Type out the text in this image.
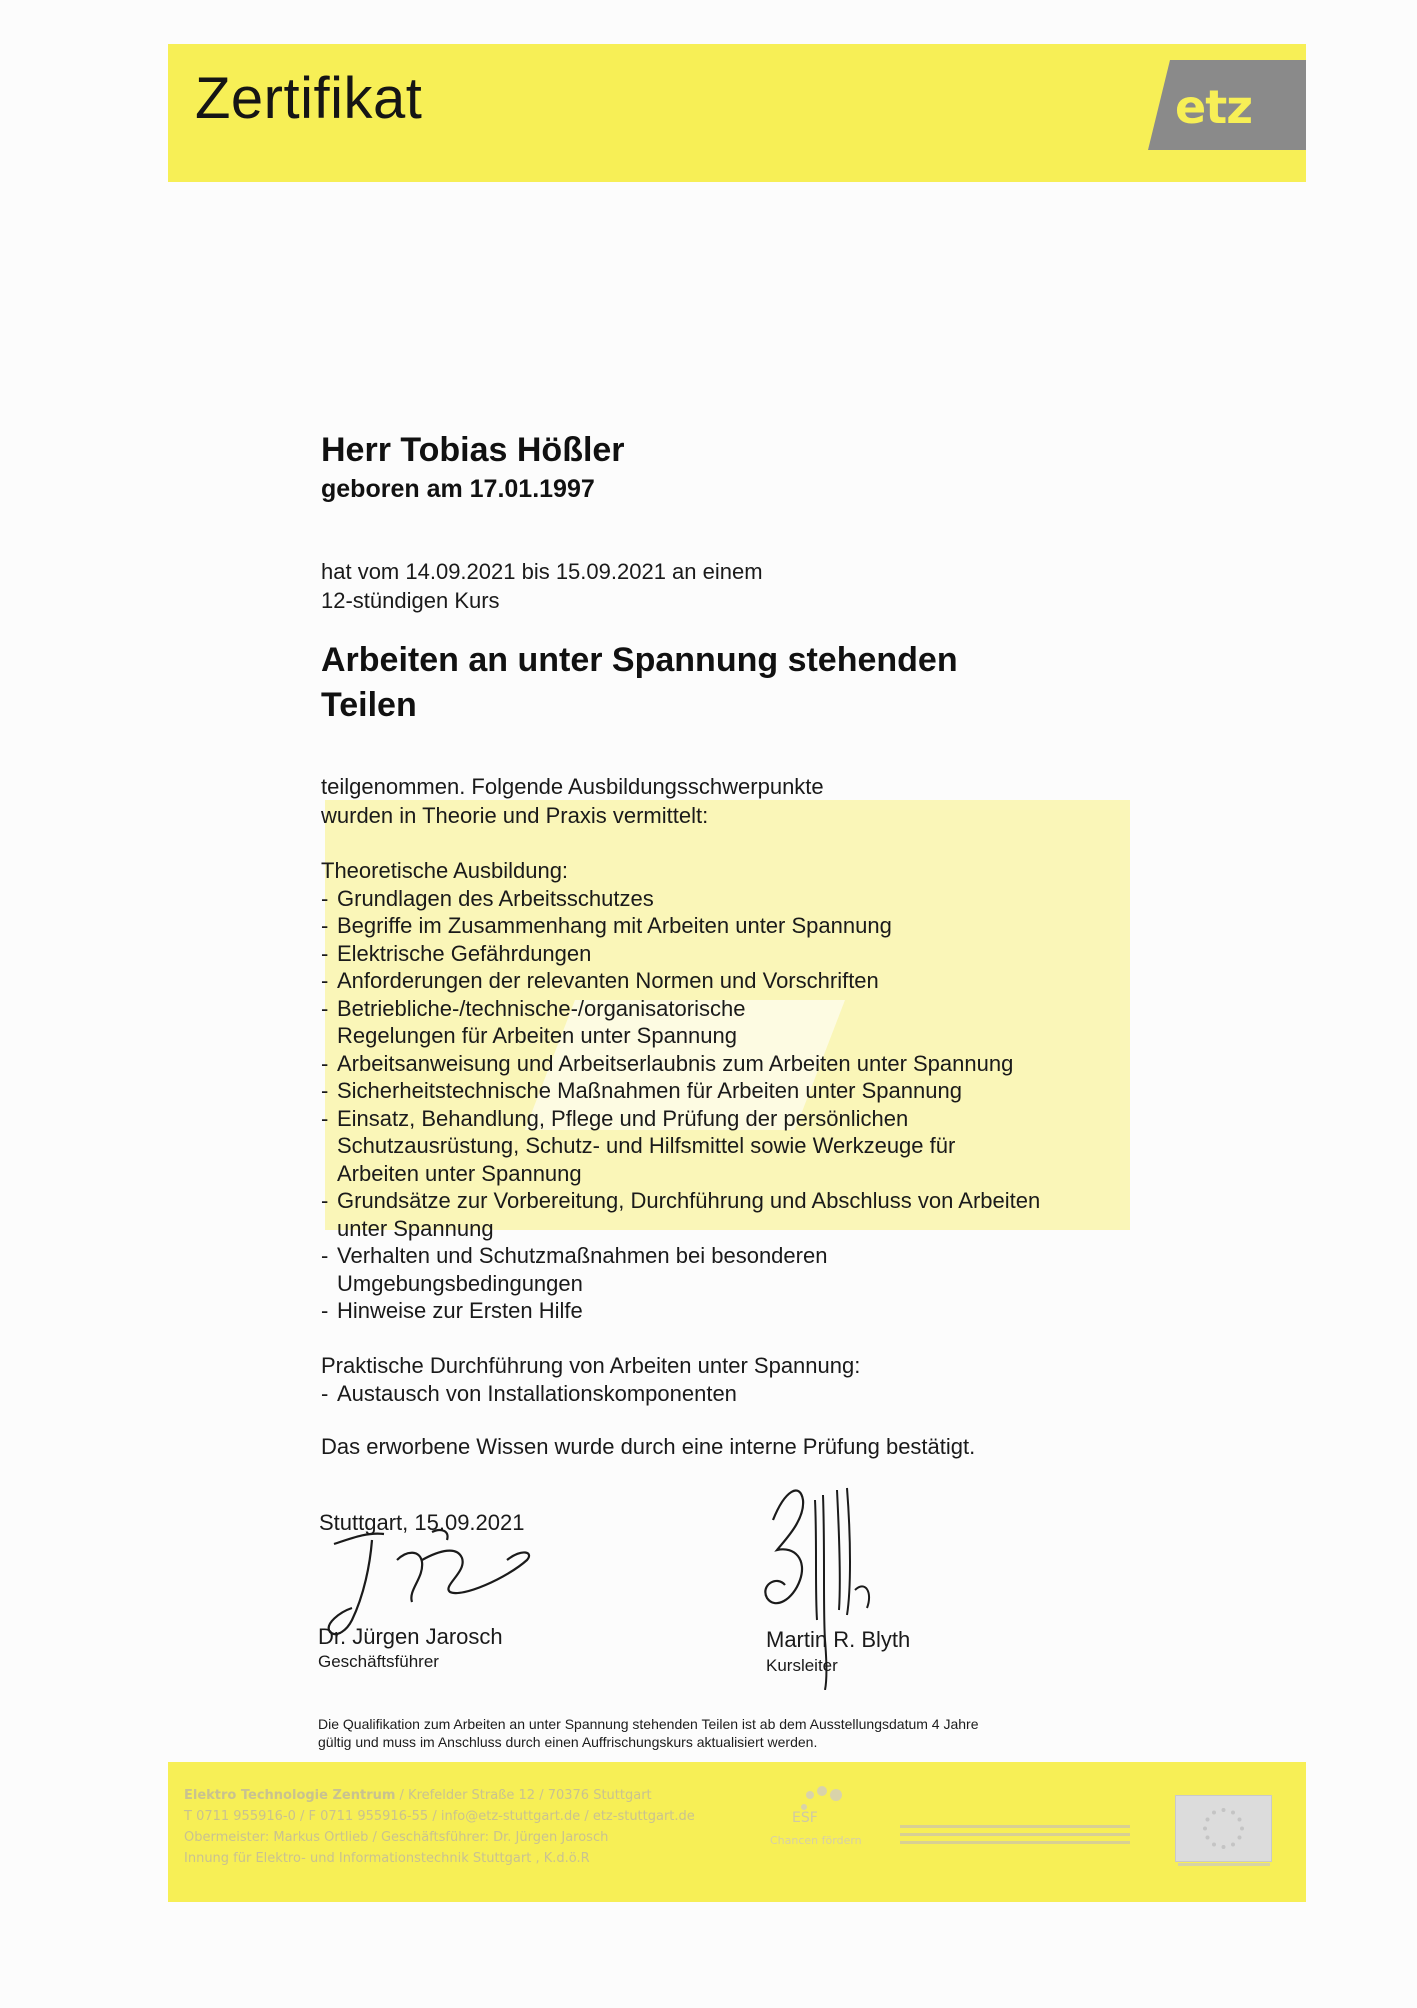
Zertifikat	etz

Herr Tobias Hößler

geboren am 17.01.1997

hat vom 14.09.2021 bis 15.09.2021 an einem
12-stündigen Kurs
Arbeiten an unter Spannung stehenden
Teilen
teilgenommen. Folgende Ausbildungsschwerpunkte
wurden in Theorie und Praxis vermittelt:
Theoretische Ausbildung:
- Grundlagen des Arbeitsschutzes
- Begriffe im Zusammenhang mit Arbeiten unter Spannung
- Elektrische Gefährdungen
- Anforderungen der relevanten Normen und Vorschriften
- Betriebliche-/technische-/organisatorische Regelungen für Arbeiten unter Spannung
- Arbeitsanweisung und Arbeitserlaubnis zum Arbeiten unter Spannung
- Sicherheitstechnische Maßnahmen für Arbeiten unter Spannung
- Einsatz, Behandlung, Pflege und Prüfung der persönlichen Schutzausrüstung, Schutz- und Hilfsmittel sowie Werkzeuge für Arbeiten unter Spannung
- Grundsätze zur Vorbereitung, Durchführung und Abschluss von Arbeiten unter Spannung
- Verhalten und Schutzmaßnahmen bei besonderen Umgebungsbedingungen
- Hinweise zur Ersten Hilfe
Praktische Durchführung von Arbeiten unter Spannung:
- Austausch von Installationskomponenten
Das erworbene Wissen wurde durch eine interne Prüfung bestätigt.
Stuttgart, 15.09.2021
Dr. Jürgen Jarosch
Geschäftsführer
Martin R. Blyth
Kursleiter
Die Qualifikation zum Arbeiten an unter Spannung stehenden Teilen ist ab dem Ausstellungsdatum 4 Jahre
gültig und muss im Anschluss durch einen Auffrischungskurs aktualisiert werden.
Elektro Technologie Zentrum / Krefelder Straße 12 / 70376 Stuttgart
T 0711 955916-0 / F 0711 955916-55 / info@etz-stuttgart.de / etz-stuttgart.de
Obermeister: Markus Ortlieb / Geschäftsführer: Dr. Jürgen Jarosch
Innung für Elektro- und Informationstechnik Stuttgart , K.d.ö.R
ESF
Chancen fördern
